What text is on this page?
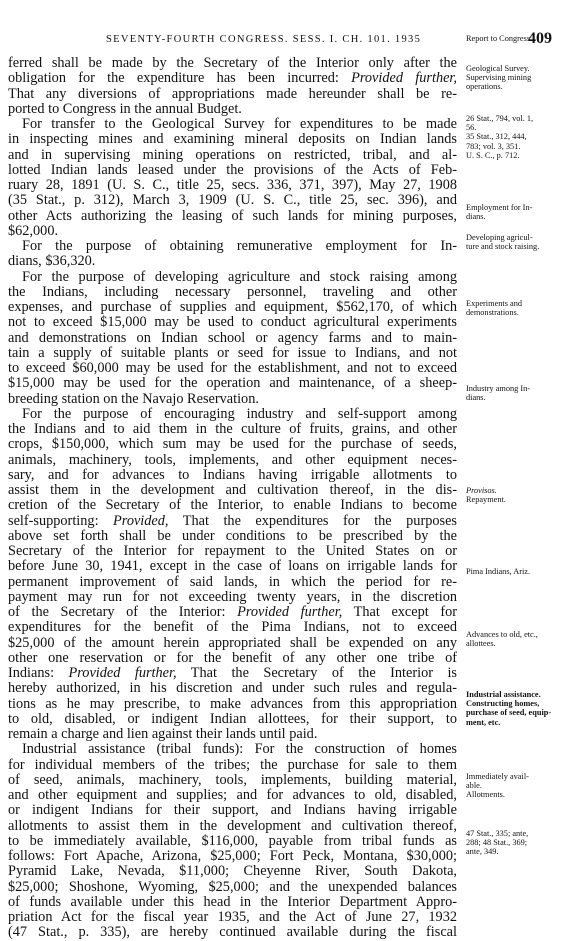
SEVENTY-FOURTH CONGRESS. SESS. I. CH. 101. 1935	409
ferred shall be made by the Secretary of the Interior only after the
obligation for the expenditure has been incurred: Provided further,
That any diversions of appropriations made hereunder shall be re-
ported to Congress in the annual Budget.
For transfer to the Geological Survey for expenditures to be made
in inspecting mines and examining mineral deposits on Indian lands
and in supervising mining operations on restricted, tribal, and al-
lotted Indian lands leased under the provisions of the Acts of Feb-
ruary 28, 1891 (U. S. C., title 25, secs. 336, 371, 397), May 27, 1908
(35 Stat., p. 312), March 3, 1909 (U. S. C., title 25, sec. 396), and
other Acts authorizing the leasing of such lands for mining purposes,
$62,000.
For the purpose of obtaining remunerative employment for In-
dians, $36,320.
For the purpose of developing agriculture and stock raising among
the Indians, including necessary personnel, traveling and other
expenses, and purchase of supplies and equipment, $562,170, of which
not to exceed $15,000 may be used to conduct agricultural experiments
and demonstrations on Indian school or agency farms and to main-
tain a supply of suitable plants or seed for issue to Indians, and not
to exceed $60,000 may be used for the establishment, and not to exceed
$15,000 may be used for the operation and maintenance, of a sheep-
breeding station on the Navajo Reservation.
For the purpose of encouraging industry and self-support among
the Indians and to aid them in the culture of fruits, grains, and other
crops, $150,000, which sum may be used for the purchase of seeds,
animals, machinery, tools, implements, and other equipment neces-
sary, and for advances to Indians having irrigable allotments to
assist them in the development and cultivation thereof, in the dis-
cretion of the Secretary of the Interior, to enable Indians to become
self-supporting: Provided, That the expenditures for the purposes
above set forth shall be under conditions to be prescribed by the
Secretary of the Interior for repayment to the United States on or
before June 30, 1941, except in the case of loans on irrigable lands for
permanent improvement of said lands, in which the period for re-
payment may run for not exceeding twenty years, in the discretion
of the Secretary of the Interior: Provided further, That except for
expenditures for the benefit of the Pima Indians, not to exceed
$25,000 of the amount herein appropriated shall be expended on any
other one reservation or for the benefit of any other one tribe of
Indians: Provided further, That the Secretary of the Interior is
hereby authorized, in his discretion and under such rules and regula-
tions as he may prescribe, to make advances from this appropriation
to old, disabled, or indigent Indian allottees, for their support, to
remain a charge and lien against their lands until paid.
Industrial assistance (tribal funds): For the construction of homes
for individual members of the tribes; the purchase for sale to them
of seed, animals, machinery, tools, implements, building material,
and other equipment and supplies; and for advances to old, disabled,
or indigent Indians for their support, and Indians having irrigable
allotments to assist them in the development and cultivation thereof,
to be immediately available, $116,000, payable from tribal funds as
follows: Fort Apache, Arizona, $25,000; Fort Peck, Montana, $30,000;
Pyramid Lake, Nevada, $11,000; Cheyenne River, South Dakota,
$25,000; Shoshone, Wyoming, $25,000; and the unexpended balances
of funds available under this head in the Interior Department Appro-
priation Act for the fiscal year 1935, and the Act of June 27, 1932
(47 Stat., p. 335), are hereby continued available during the fiscal
Report to Congress.
Geological Survey.
Supervising mining
operations.
26 Stat., 794, vol. 1,
56.
35 Stat., 312, 444,
783; vol. 3, 351.
U. S. C., p. 712.
Employment for In-
dians.
Developing agricul-
ture and stock raising.
Experiments and
demonstrations.
Industry among In-
dians.
Provisos.
Repayment.
Pima Indians, Ariz.
Advances to old, etc.,
allottees.
Industrial assistance.
Constructing homes,
purchase of seed, equip-
ment, etc.
Immediately avail-
able.
Allotments.
47 Stat., 335; ante,
288; 48 Stat., 369;
ante, 349.
